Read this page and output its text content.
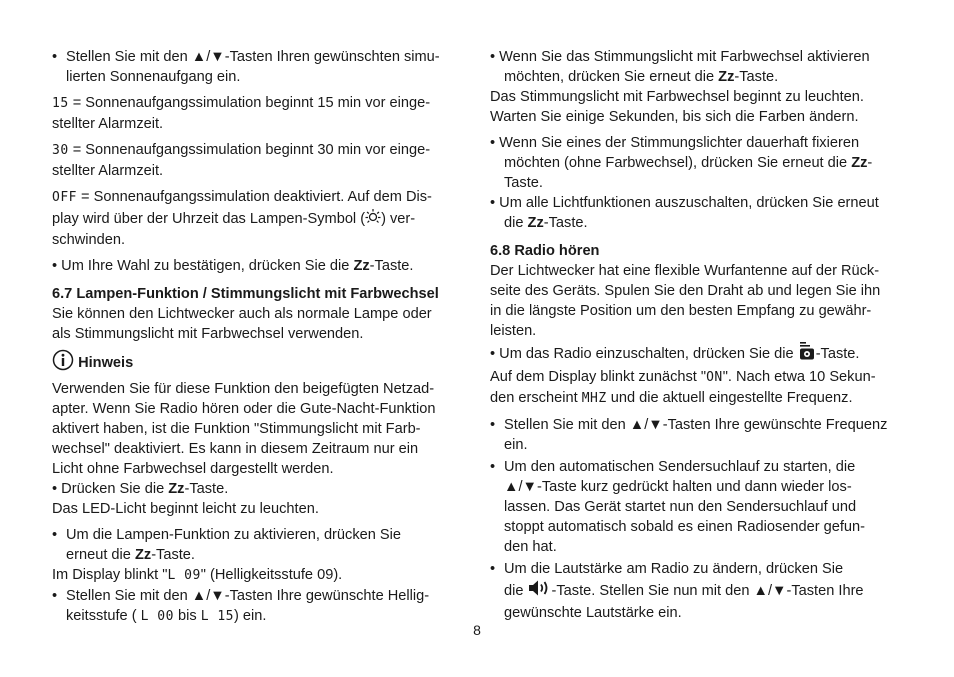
• Stellen Sie mit den ▲/▼-Tasten Ihren gewünschten simu-
lierten Sonnenaufgang ein.

15 = Sonnenaufgangssimulation beginnt 15 min vor einge-
stellter Alarmzeit.

30 = Sonnenaufgangssimulation beginnt 30 min vor einge-
stellter Alarmzeit.

OFF = Sonnenaufgangssimulation deaktiviert. Auf dem Dis-
play wird über der Uhrzeit das Lampen-Symbol ( ) ver-
schwinden.

• Um Ihre Wahl zu bestätigen, drücken Sie die Zz-Taste.

6.7 Lampen-Funktion / Stimmungslicht mit Farbwechsel

Sie können den Lichtwecker auch als normale Lampe oder
als Stimmungslicht mit Farbwechsel verwenden.

Hinweis

Verwenden Sie für diese Funktion den beigefügten Netzad-
apter. Wenn Sie Radio hören oder die Gute-Nacht-Funktion
aktivert haben, ist die Funktion "Stimmungslicht mit Farb-
wechsel" deaktiviert. Es kann in diesem Zeitraum nur ein
Licht ohne Farbwechsel dargestellt werden.

• Drücken Sie die Zz-Taste.

Das LED-Licht beginnt leicht zu leuchten.

• Um die Lampen-Funktion zu aktivieren, drücken Sie
erneut die Zz-Taste.

Im Display blinkt "L 09" (Helligkeitsstufe 09).

• Stellen Sie mit den ▲/▼-Tasten Ihre gewünschte Hellig-
keitsstufe ( L 00 bis L 15) ein.

• Wenn Sie das Stimmungslicht mit Farbwechsel aktivieren
möchten, drücken Sie erneut die Zz-Taste.

Das Stimmungslicht mit Farbwechsel beginnt zu leuchten.
Warten Sie einige Sekunden, bis sich die Farben ändern.

• Wenn Sie eines der Stimmungslichter dauerhaft fixieren
möchten (ohne Farbwechsel), drücken Sie erneut die Zz-
Taste.

• Um alle Lichtfunktionen auszuschalten, drücken Sie erneut
die Zz-Taste.

6.8 Radio hören

Der Lichtwecker hat eine flexible Wurfantenne auf der Rück-
seite des Geräts. Spulen Sie den Draht ab und legen Sie ihn
in die längste Position um den besten Empfang zu gewähr-
leisten.

• Um das Radio einzuschalten, drücken Sie die -Taste.
Auf dem Display blinkt zunächst "ON". Nach etwa 10 Sekun-
den erscheint MHZ und die aktuell eingestellte Frequenz.

• Stellen Sie mit den ▲/▼-Tasten Ihre gewünschte Frequenz
ein.

• Um den automatischen Sendersuchlauf zu starten, die
▲/▼-Taste kurz gedrückt halten und dann wieder los-
lassen. Das Gerät startet nun den Sendersuchlauf und
stoppt automatisch sobald es einen Radiosender gefun-
den hat.

• Um die Lautstärke am Radio zu ändern, drücken Sie
die -Taste. Stellen Sie nun mit den ▲/▼-Tasten Ihre
gewünschte Lautstärke ein.

8
